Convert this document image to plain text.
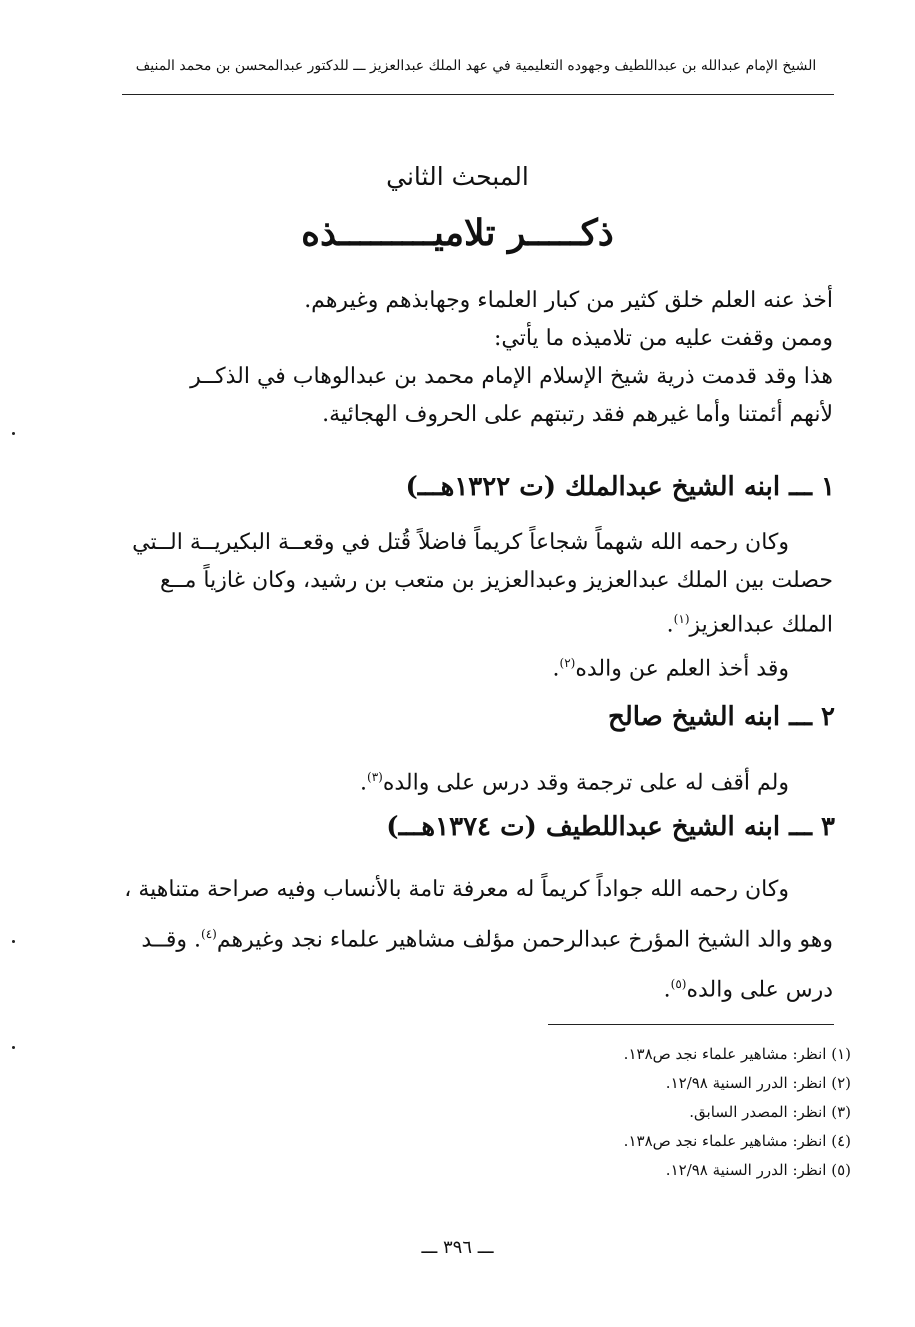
الشيخ الإمام عبدالله بن عبداللطيف وجهوده التعليمية في عهد الملك عبدالعزيز ـــ للدكتور عبدالمحسن بن محمد المنيف
المبحث الثاني
ذكـــــر تلاميـــــــــذه
أخذ عنه العلم خلق كثير من كبار العلماء وجهابذهم وغيرهم.
وممن وقفت عليه من تلاميذه ما يأتي:
هذا وقد قدمت ذرية شيخ الإسلام الإمام محمد بن عبدالوهاب في الذكــر
لأنهم أئمتنا وأما غيرهم فقد رتبتهم على الحروف الهجائية.
١ ـــ ابنه الشيخ عبدالملك (ت ١٣٢٢هـــ)
وكان رحمه الله شهماً شجاعاً كريماً فاضلاً قُتل في وقعــة البكيريــة الــتي
حصلت بين الملك عبدالعزيز وعبدالعزيز بن متعب بن رشيد، وكان غازياً مــع
الملك عبدالعزيز$^{(١)}$.
وقد أخذ العلم عن والده$^{(٢)}$.
٢ ـــ ابنه الشيخ صالح
ولم أقف له على ترجمة وقد درس على والده$^{(٣)}$.
٣ ـــ ابنه الشيخ عبداللطيف (ت ١٣٧٤هـــ)
وكان رحمه الله جواداً كريماً له معرفة تامة بالأنساب وفيه صراحة متناهية ،
وهو والد الشيخ المؤرخ عبدالرحمن مؤلف مشاهير علماء نجد وغيرهم$^{(٤)}$. وقــد
درس على والده$^{(٥)}$.
(١) انظر: مشاهير علماء نجد ص١٣٨.
(٢) انظر: الدرر السنية ١٢/٩٨.
(٣) انظر: المصدر السابق.
(٤) انظر: مشاهير علماء نجد ص١٣٨.
(٥) انظر: الدرر السنية ١٢/٩٨.
ـــ ٣٩٦ ـــ
